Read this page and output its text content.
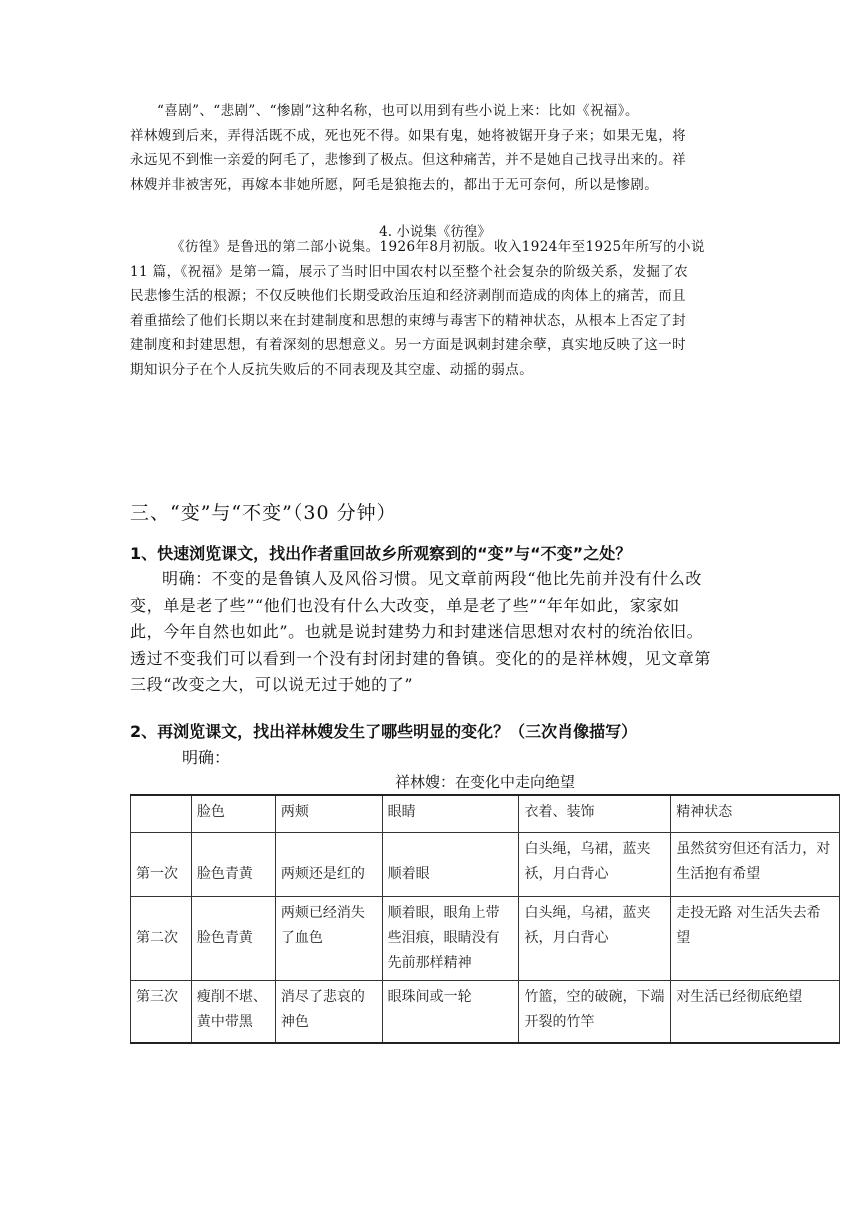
“喜剧”、“悲剧”、“惨剧”这种名称，也可以用到有些小说上来：比如《祝福》。
祥林嫂到后来，弄得活既不成，死也死不得。如果有鬼，她将被锯开身子来；如果无鬼，将
永远见不到惟一亲爱的阿毛了，悲惨到了极点。但这种痛苦，并不是她自己找寻出来的。祥
林嫂并非被害死，再嫁本非她所愿，阿毛是狼拖去的，都出于无可奈何，所以是惨剧。
4. 小说集《彷徨》
《彷徨》是鲁迅的第二部小说集。1926年8月初版。收入1924年至1925年所写的小说
11 篇，《祝福》是第一篇，展示了当时旧中国农村以至整个社会复杂的阶级关系，发掘了农
民悲惨生活的根源；不仅反映他们长期受政治压迫和经济剥削而造成的肉体上的痛苦，而且
着重描绘了他们长期以来在封建制度和思想的束缚与毒害下的精神状态，从根本上否定了封
建制度和封建思想，有着深刻的思想意义。另一方面是讽刺封建余孽，真实地反映了这一时
期知识分子在个人反抗失败后的不同表现及其空虚、动摇的弱点。
三、“变”与“不变”（30 分钟）
1、快速浏览课文，找出作者重回故乡所观察到的“变”与“不变”之处？
明确：不变的是鲁镇人及风俗习惯。见文章前两段“他比先前并没有什么改
变，单是老了些”“他们也没有什么大改变，单是老了些”“年年如此，家家如
此，今年自然也如此”。也就是说封建势力和封建迷信思想对农村的统治依旧。
透过不变我们可以看到一个没有封闭封建的鲁镇。变化的的是祥林嫂，见文章第
三段“改变之大，可以说无过于她的了”
2、再浏览课文，找出祥林嫂发生了哪些明显的变化？（三次肖像描写）
明确：
祥林嫂：在变化中走向绝望
	脸色	两颊	眼睛	衣着、装饰	精神状态
第一次	脸色青黄	两颊还是红的	顺着眼	白头绳，乌裙，蓝夹袄，月白背心	虽然贫穷但还有活力，对生活抱有希望
第二次	脸色青黄	两颊已经消失了血色	顺着眼，眼角上带些泪痕，眼睛没有先前那样精神	白头绳，乌裙，蓝夹袄，月白背心	走投无路 对生活失去希望
第三次	瘦削不堪、黄中带黑	消尽了悲哀的神色	眼珠间或一轮	竹篮，空的破碗，下端开裂的竹竿	对生活已经彻底绝望
